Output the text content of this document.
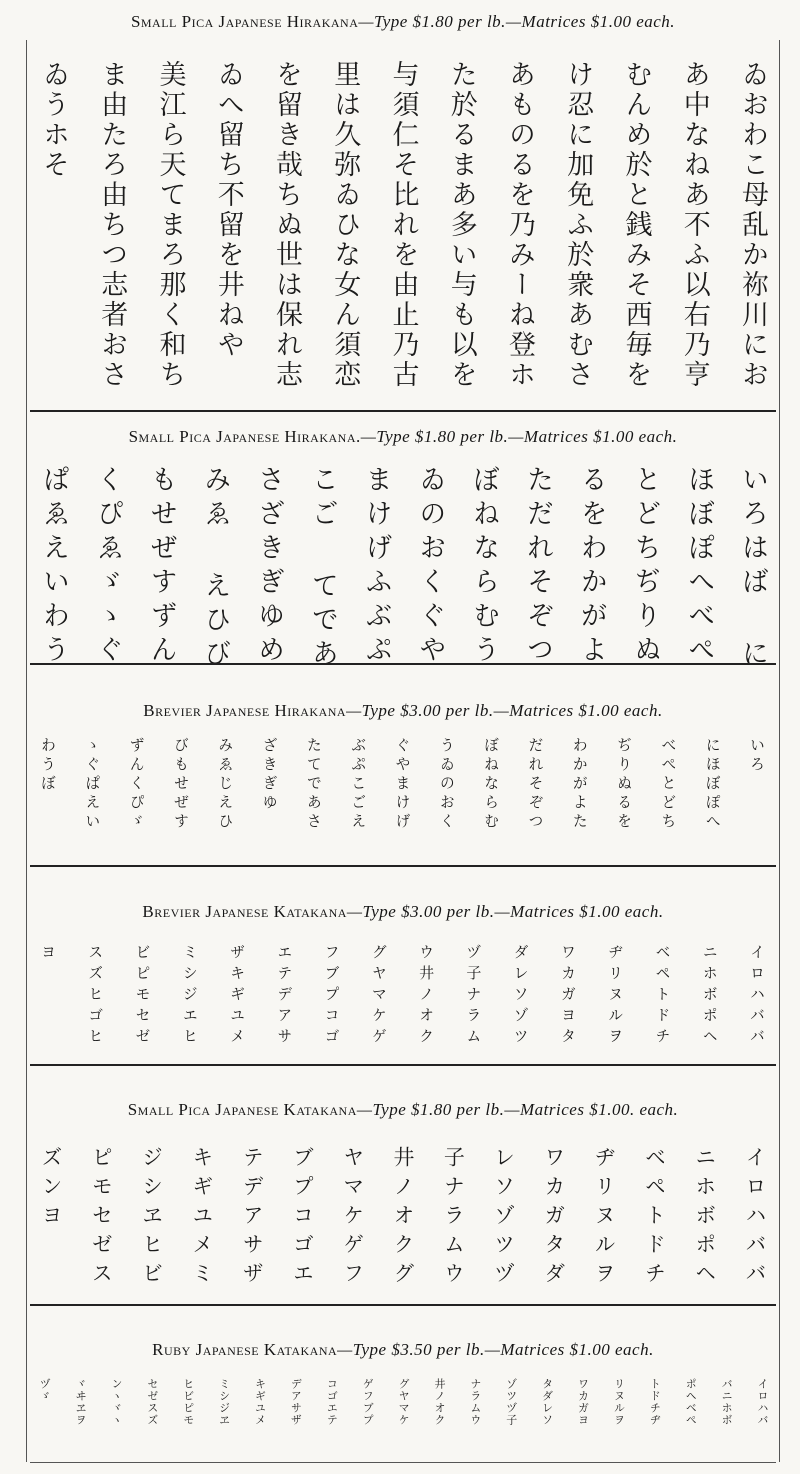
Small Pica Japanese Hirakana—Type $1.80 per lb.—Matrices $1.00 each.
ゐおわこ母乱か祢川にお
あ中なねあ不ふ以右乃亨
むんめ於と銭みそ西毎を
け忍に加免ふ於衆あむさ
あものるを乃みーね登ホ
た於るまあ多い与も以を
与須仁そ比れを由止乃古
里は久弥ゐひな女ん須恋
を留き哉ちぬ世は保れ志
ゐへ留ち不留を井ねや
美江ら天てまろ那く和ち
ま由たろ由ちつ志者おさ
ゐうホそ
Small Pica Japanese Hirakana.—Type $1.80 per lb.—Matrices $1.00 each.
いろはば に
ほぼぽへべぺ
とどちぢりぬ
るをわかがよ
ただれそぞつ
ぼねならむう
ゐのおくぐや
まけげふぶぷ
こご てであ
さざきぎゆめ
みゑ えひび
もせぜすずん
くぴゑゞゝぐ
ぱゑえいわう
Brevier Japanese Hirakana—Type $3.00 per lb.—Matrices $1.00 each.
いろ
にほぼぽへ
べぺとどち
ぢりぬるを
わかがよた
だれそぞつ
ぼねならむ
うゐのおく
ぐやまけげ
ぶぷこごえ
たてであさ
ざきぎゆ
みゑじえひ
びもせぜす
ずんくぴゞ
ゝぐぱえい
わうぼ
Brevier Japanese Katakana—Type $3.00 per lb.—Matrices $1.00 each.
イロハババ
ニホボポヘ
ベペトドチ
ヂリヌルヲ
ワカガヨタ
ダレソゾツ
ヅ子ナラム
ウ井ノオク
グヤマケゲ
フブプコゴ
エテデアサ
ザキギユメ
ミシジエヒ
ビピモセゼ
スズヒゴヒ
ヨ
Small Pica Japanese Katakana—Type $1.80 per lb.—Matrices $1.00. each.
イロハババ
ニホボポヘ
ベペトドチ
ヂリヌルヲ
ワカガタダ
レソゾツヅ
子ナラムウ
井ノオクグ
ヤマケゲフ
ブプコゴエ
テデアサザ
キギユメミ
ジシヱヒビ
ピモセゼス
ズンヨ
Ruby Japanese Katakana—Type $3.50 per lb.—Matrices $1.00 each.
イロハバ
バニホボ
ポヘベペ
トドチヂ
リヌルヲ
ワカガヨ
タダレソ
ゾツヅ子
ナラムウ
井ノオク
グヤマケ
ゲフブプ
コゴエテ
デアサザ
キギユメ
ミシジヱ
ヒビピモ
セゼスズ
ンヽヾヽ
ヾヰヱヲ
ヅゞ
